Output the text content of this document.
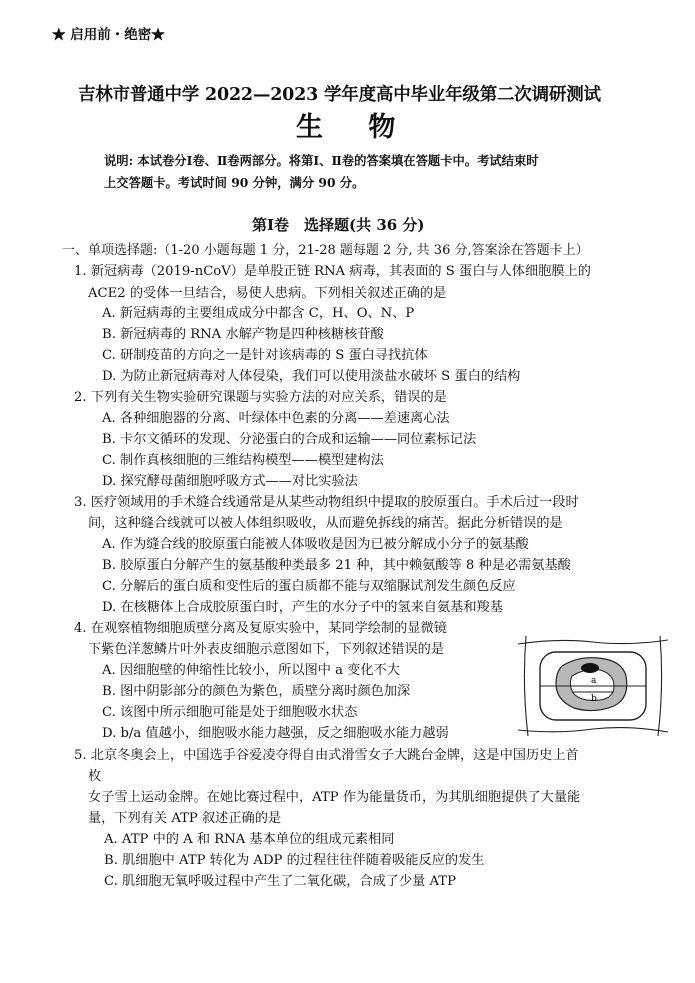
★ 启用前・绝密★
吉林市普通中学 2022—2023 学年度高中毕业年级第二次调研测试
生 物
说明: 本试卷分Ⅰ卷、Ⅱ卷两部分。将第Ⅰ、Ⅱ卷的答案填在答题卡中。考试结束时
上交答题卡。考试时间 90 分钟，满分 90 分。
第Ⅰ卷　选择题(共 36 分)
一、单项选择题:（1-20 小题每题 1 分，21-28 题每题 2 分, 共 36 分,答案涂在答题卡上）
1. 新冠病毒（2019-nCoV）是单股正链 RNA 病毒，其表面的 S 蛋白与人体细胞膜上的
ACE2 的受体一旦结合，易使人患病。下列相关叙述正确的是
A. 新冠病毒的主要组成成分中都含 C，H、O、N、P
B. 新冠病毒的 RNA 水解产物是四种核糖核苷酸
C. 研制疫苗的方向之一是针对该病毒的 S 蛋白寻找抗体
D. 为防止新冠病毒对人体侵染，我们可以使用淡盐水破坏 S 蛋白的结构
2. 下列有关生物实验研究课题与实验方法的对应关系，错误的是
A. 各种细胞器的分离、叶绿体中色素的分离——差速离心法
B. 卡尔文循环的发现、分泌蛋白的合成和运输——同位素标记法
C. 制作真核细胞的三维结构模型——模型建构法
D. 探究酵母菌细胞呼吸方式——对比实验法
3. 医疗领域用的手术缝合线通常是从某些动物组织中提取的胶原蛋白。手术后过一段时
间，这种缝合线就可以被人体组织吸收，从而避免拆线的痛苦。据此分析错误的是
A. 作为缝合线的胶原蛋白能被人体吸收是因为已被分解成小分子的氨基酸
B. 胶原蛋白分解产生的氨基酸种类最多 21 种，其中赖氨酸等 8 种是必需氨基酸
C. 分解后的蛋白质和变性后的蛋白质都不能与双缩脲试剂发生颜色反应
D. 在核糖体上合成胶原蛋白时，产生的水分子中的氢来自氨基和羧基
4. 在观察植物细胞质壁分离及复原实验中，某同学绘制的显微镜
下紫色洋葱鳞片叶外表皮细胞示意图如下，下列叙述错误的是
A. 因细胞壁的伸缩性比较小，所以图中 a 变化不大
B. 图中阴影部分的颜色为紫色，质壁分离时颜色加深
C. 该图中所示细胞可能是处于细胞吸水状态
D. b/a 值越小，细胞吸水能力越强，反之细胞吸水能力越弱
a
b
5. 北京冬奥会上，中国选手谷爱凌夺得自由式滑雪女子大跳台金牌，这是中国历史上首
枚
女子雪上运动金牌。在她比赛过程中，ATP 作为能量货币，为其肌细胞提供了大量能
量，下列有关 ATP 叙述正确的是
A. ATP 中的 A 和 RNA 基本单位的组成元素相同
B. 肌细胞中 ATP 转化为 ADP 的过程往往伴随着吸能反应的发生
C. 肌细胞无氧呼吸过程中产生了二氧化碳，合成了少量 ATP
